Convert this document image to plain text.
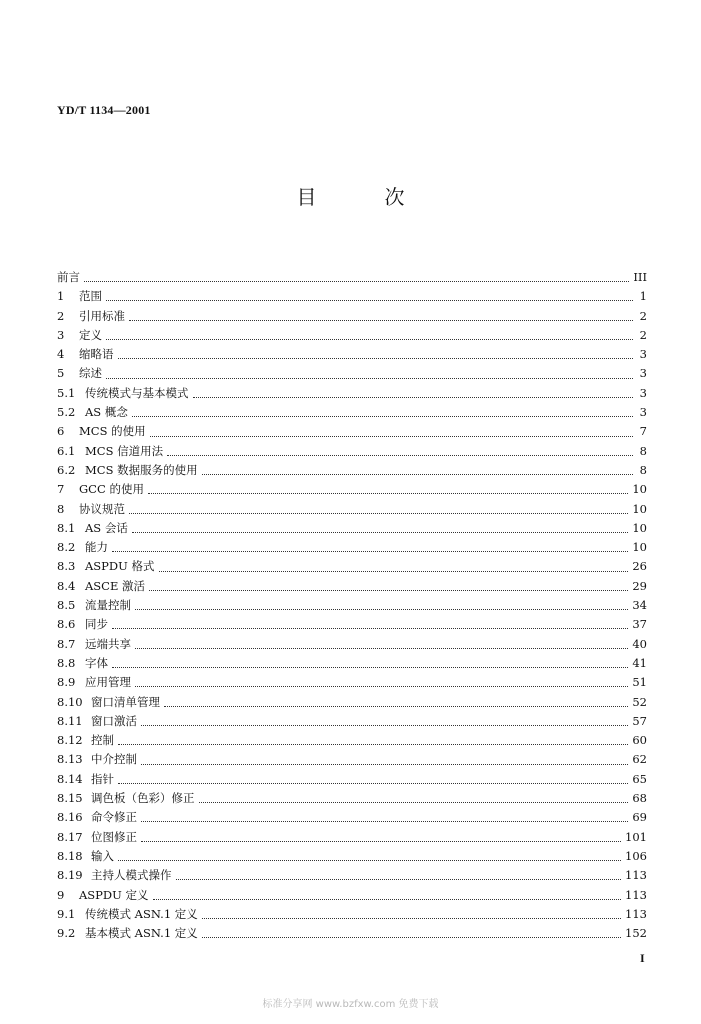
YD/T 1134—2001
目	次
前言	III
1	范围	1
2	引用标准	2
3	定义	2
4	缩略语	3
5	综述	3
5.1 传统模式与基本模式	3
5.2 AS 概念	3
6	MCS 的使用	7
6.1 MCS 信道用法	8
6.2 MCS 数据服务的使用	8
7	GCC 的使用	10
8	协议规范	10
8.1 AS 会话	10
8.2 能力	10
8.3 ASPDU 格式	26
8.4 ASCE 激活	29
8.5 流量控制	34
8.6 同步	37
8.7 远端共享	40
8.8 字体	41
8.9 应用管理	51
8.10 窗口清单管理	52
8.11 窗口激活	57
8.12 控制	60
8.13 中介控制	62
8.14 指针	65
8.15 调色板（色彩）修正	68
8.16 命令修正	69
8.17 位图修正	101
8.18 输入	106
8.19 主持人模式操作	113
9	ASPDU 定义	113
9.1 传统模式 ASN.1 定义	113
9.2 基本模式 ASN.1 定义	152
I
标准分享网 www.bzfxw.com 免费下载
